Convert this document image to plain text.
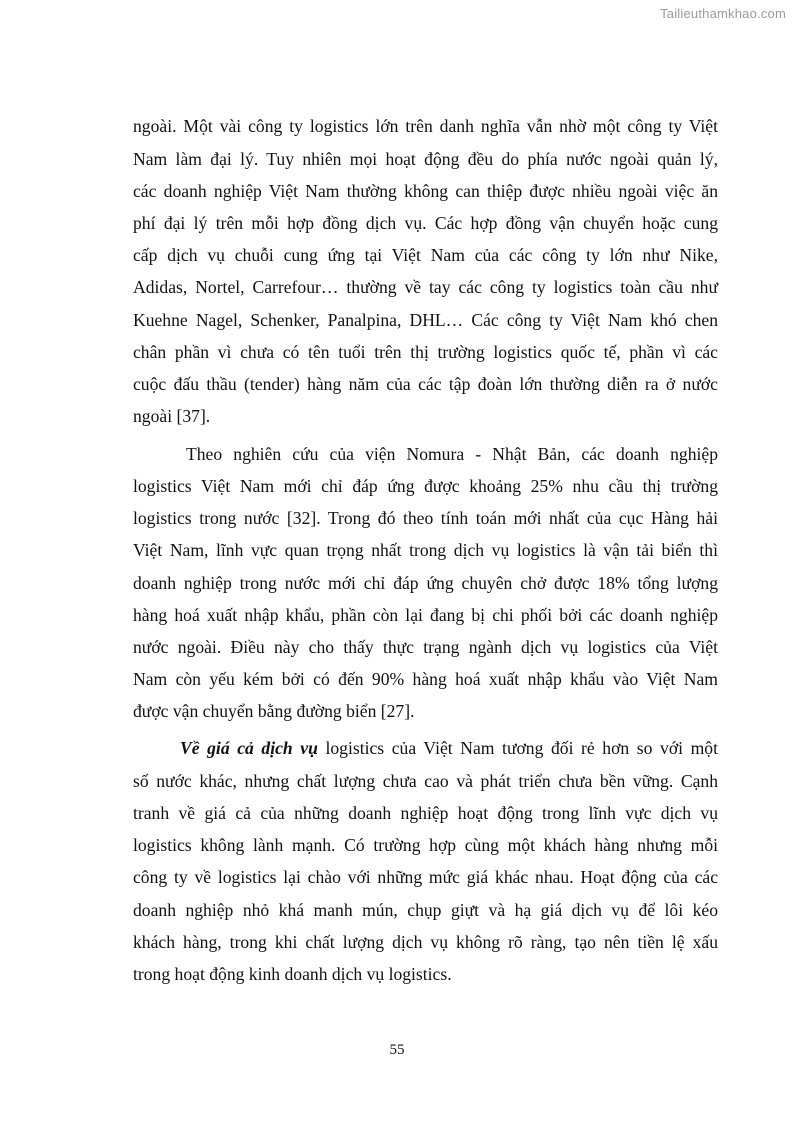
Tailieuthamkhao.com
ngoài. Một vài công ty logistics lớn trên danh nghĩa vẫn nhờ một công ty Việt
Nam làm đại lý. Tuy nhiên mọi hoạt động đều do phía nước ngoài quản lý,
các doanh nghiệp Việt Nam thường không can thiệp được nhiều ngoài việc ăn
phí đại lý trên mỗi hợp đồng dịch vụ. Các hợp đồng vận chuyển hoặc cung
cấp dịch vụ chuỗi cung ứng tại Việt Nam của các công ty lớn như Nike,
Adidas, Nortel, Carrefour… thường về tay các công ty logistics toàn cầu như
Kuehne Nagel, Schenker, Panalpina, DHL… Các công ty Việt Nam khó chen
chân phần vì chưa có tên tuổi trên thị trường logistics quốc tế, phần vì các
cuộc đấu thầu (tender) hàng năm của các tập đoàn lớn thường diễn ra ở nước
ngoài [37].
Theo nghiên cứu của viện Nomura - Nhật Bản, các doanh nghiệp
logistics Việt Nam mới chỉ đáp ứng được khoảng 25% nhu cầu thị trường
logistics trong nước [32]. Trong đó theo tính toán mới nhất của cục Hàng hải
Việt Nam, lĩnh vực quan trọng nhất trong dịch vụ logistics là vận tải biển thì
doanh nghiệp trong nước mới chỉ đáp ứng chuyên chở được 18% tổng lượng
hàng hoá xuất nhập khẩu, phần còn lại đang bị chi phối bởi các doanh nghiệp
nước ngoài. Điều này cho thấy thực trạng ngành dịch vụ logistics của Việt
Nam còn yếu kém bởi có đến 90% hàng hoá xuất nhập khẩu vào Việt Nam
được vận chuyển bằng đường biển [27].
Về giá cả dịch vụ logistics của Việt Nam tương đối rẻ hơn so với một
số nước khác, nhưng chất lượng chưa cao và phát triển chưa bền vững. Cạnh
tranh về giá cả của những doanh nghiệp hoạt động trong lĩnh vực dịch vụ
logistics không lành mạnh. Có trường hợp cùng một khách hàng nhưng mỗi
công ty về logistics lại chào với những mức giá khác nhau. Hoạt động của các
doanh nghiệp nhỏ khá manh mún, chụp giựt và hạ giá dịch vụ để lôi kéo
khách hàng, trong khi chất lượng dịch vụ không rõ ràng, tạo nên tiền lệ xấu
trong hoạt động kinh doanh dịch vụ logistics.
55
